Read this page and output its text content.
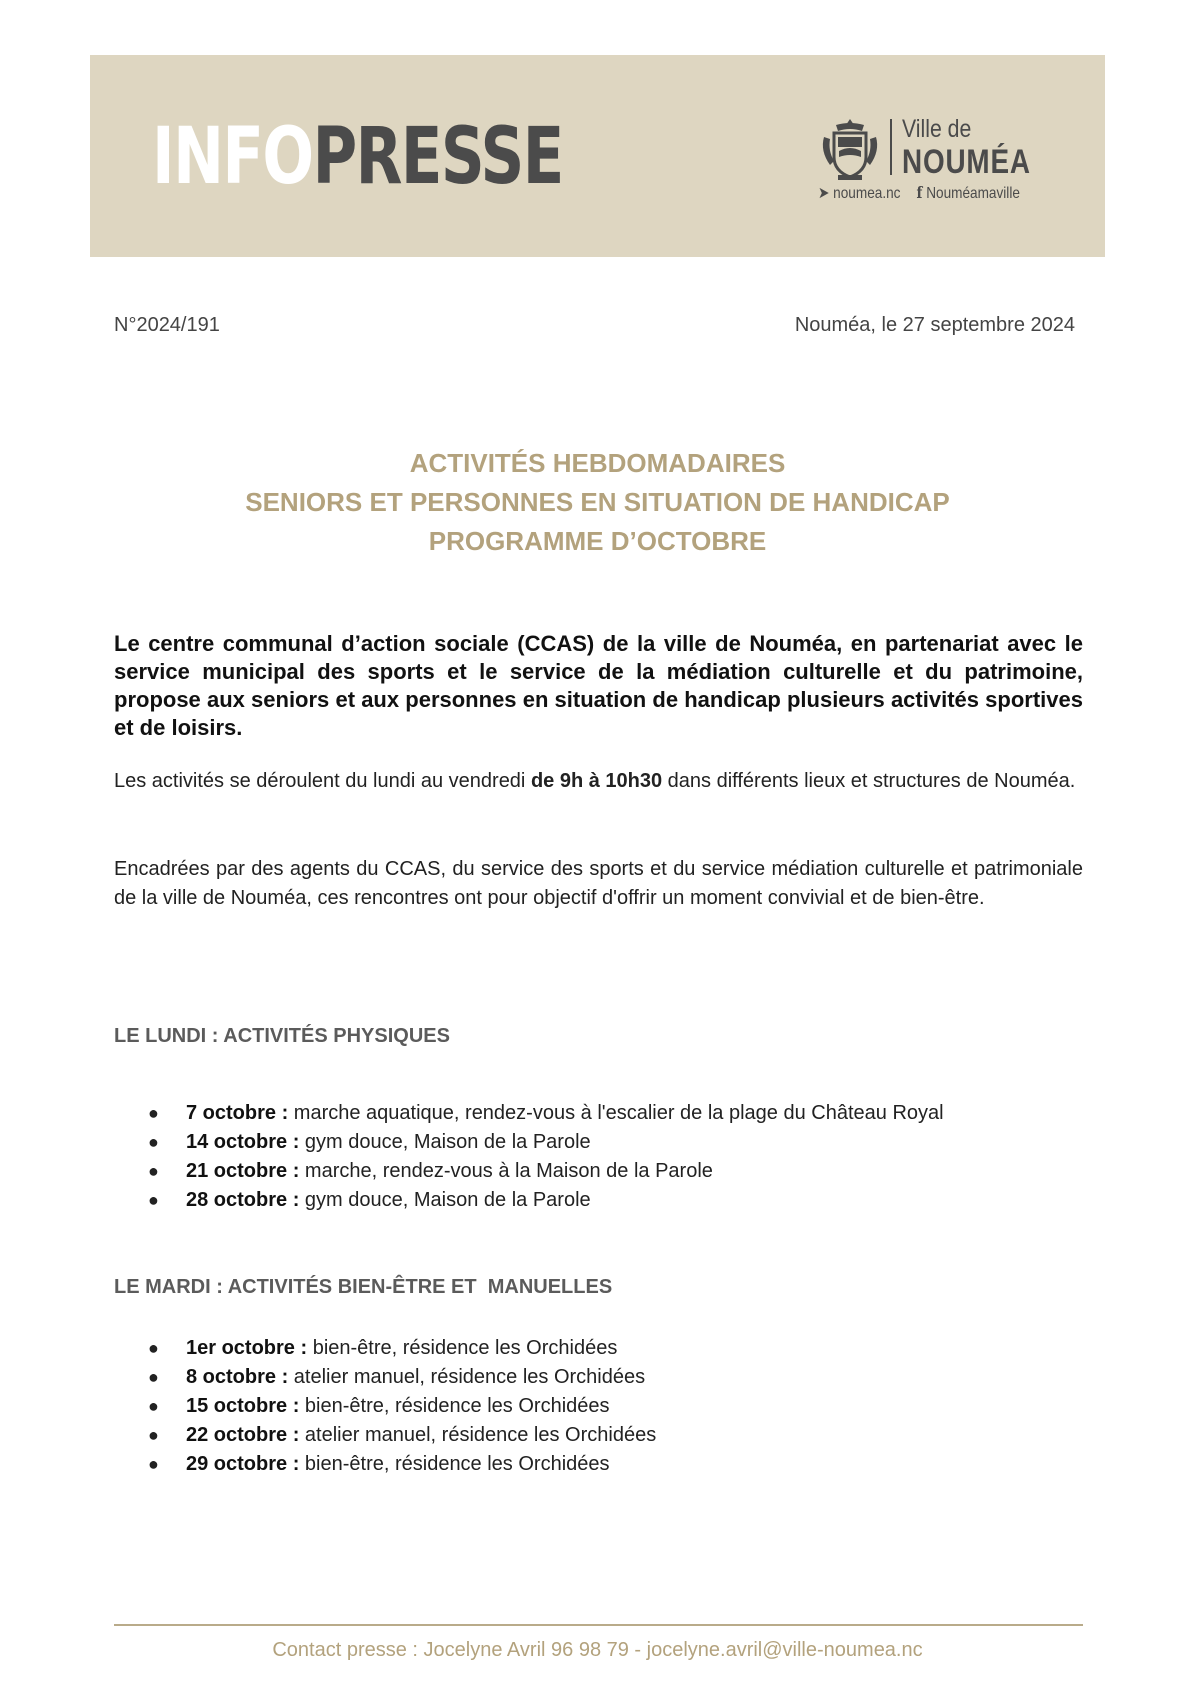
INFOPRESSE	Ville de
NOUMÉA
➤ noumea.nc f Nouméamaville
N°2024/191	Nouméa, le 27 septembre 2024
ACTIVITÉS HEBDOMADAIRES
SENIORS ET PERSONNES EN SITUATION DE HANDICAP
PROGRAMME D’OCTOBRE
Le centre communal d’action sociale (CCAS) de la ville de Nouméa, en partenariat avec le service municipal des sports et le service de la médiation culturelle et du patrimoine, propose aux seniors et aux personnes en situation de handicap plusieurs activités sportives et de loisirs.
Les activités se déroulent du lundi au vendredi de 9h à 10h30 dans différents lieux et structures de Nouméa.
Encadrées par des agents du CCAS, du service des sports et du service médiation culturelle et patrimoniale de la ville de Nouméa, ces rencontres ont pour objectif d'offrir un moment convivial et de bien-être.
LE LUNDI : ACTIVITÉS PHYSIQUES
● 7 octobre : marche aquatique, rendez-vous à l'escalier de la plage du Château Royal
● 14 octobre : gym douce, Maison de la Parole
● 21 octobre : marche, rendez-vous à la Maison de la Parole
● 28 octobre : gym douce, Maison de la Parole
LE MARDI : ACTIVITÉS BIEN-ÊTRE ET  MANUELLES
● 1er octobre : bien-être, résidence les Orchidées
● 8 octobre : atelier manuel, résidence les Orchidées
● 15 octobre : bien-être, résidence les Orchidées
● 22 octobre : atelier manuel, résidence les Orchidées
● 29 octobre : bien-être, résidence les Orchidées
Contact presse : Jocelyne Avril 96 98 79 - jocelyne.avril@ville-noumea.nc
